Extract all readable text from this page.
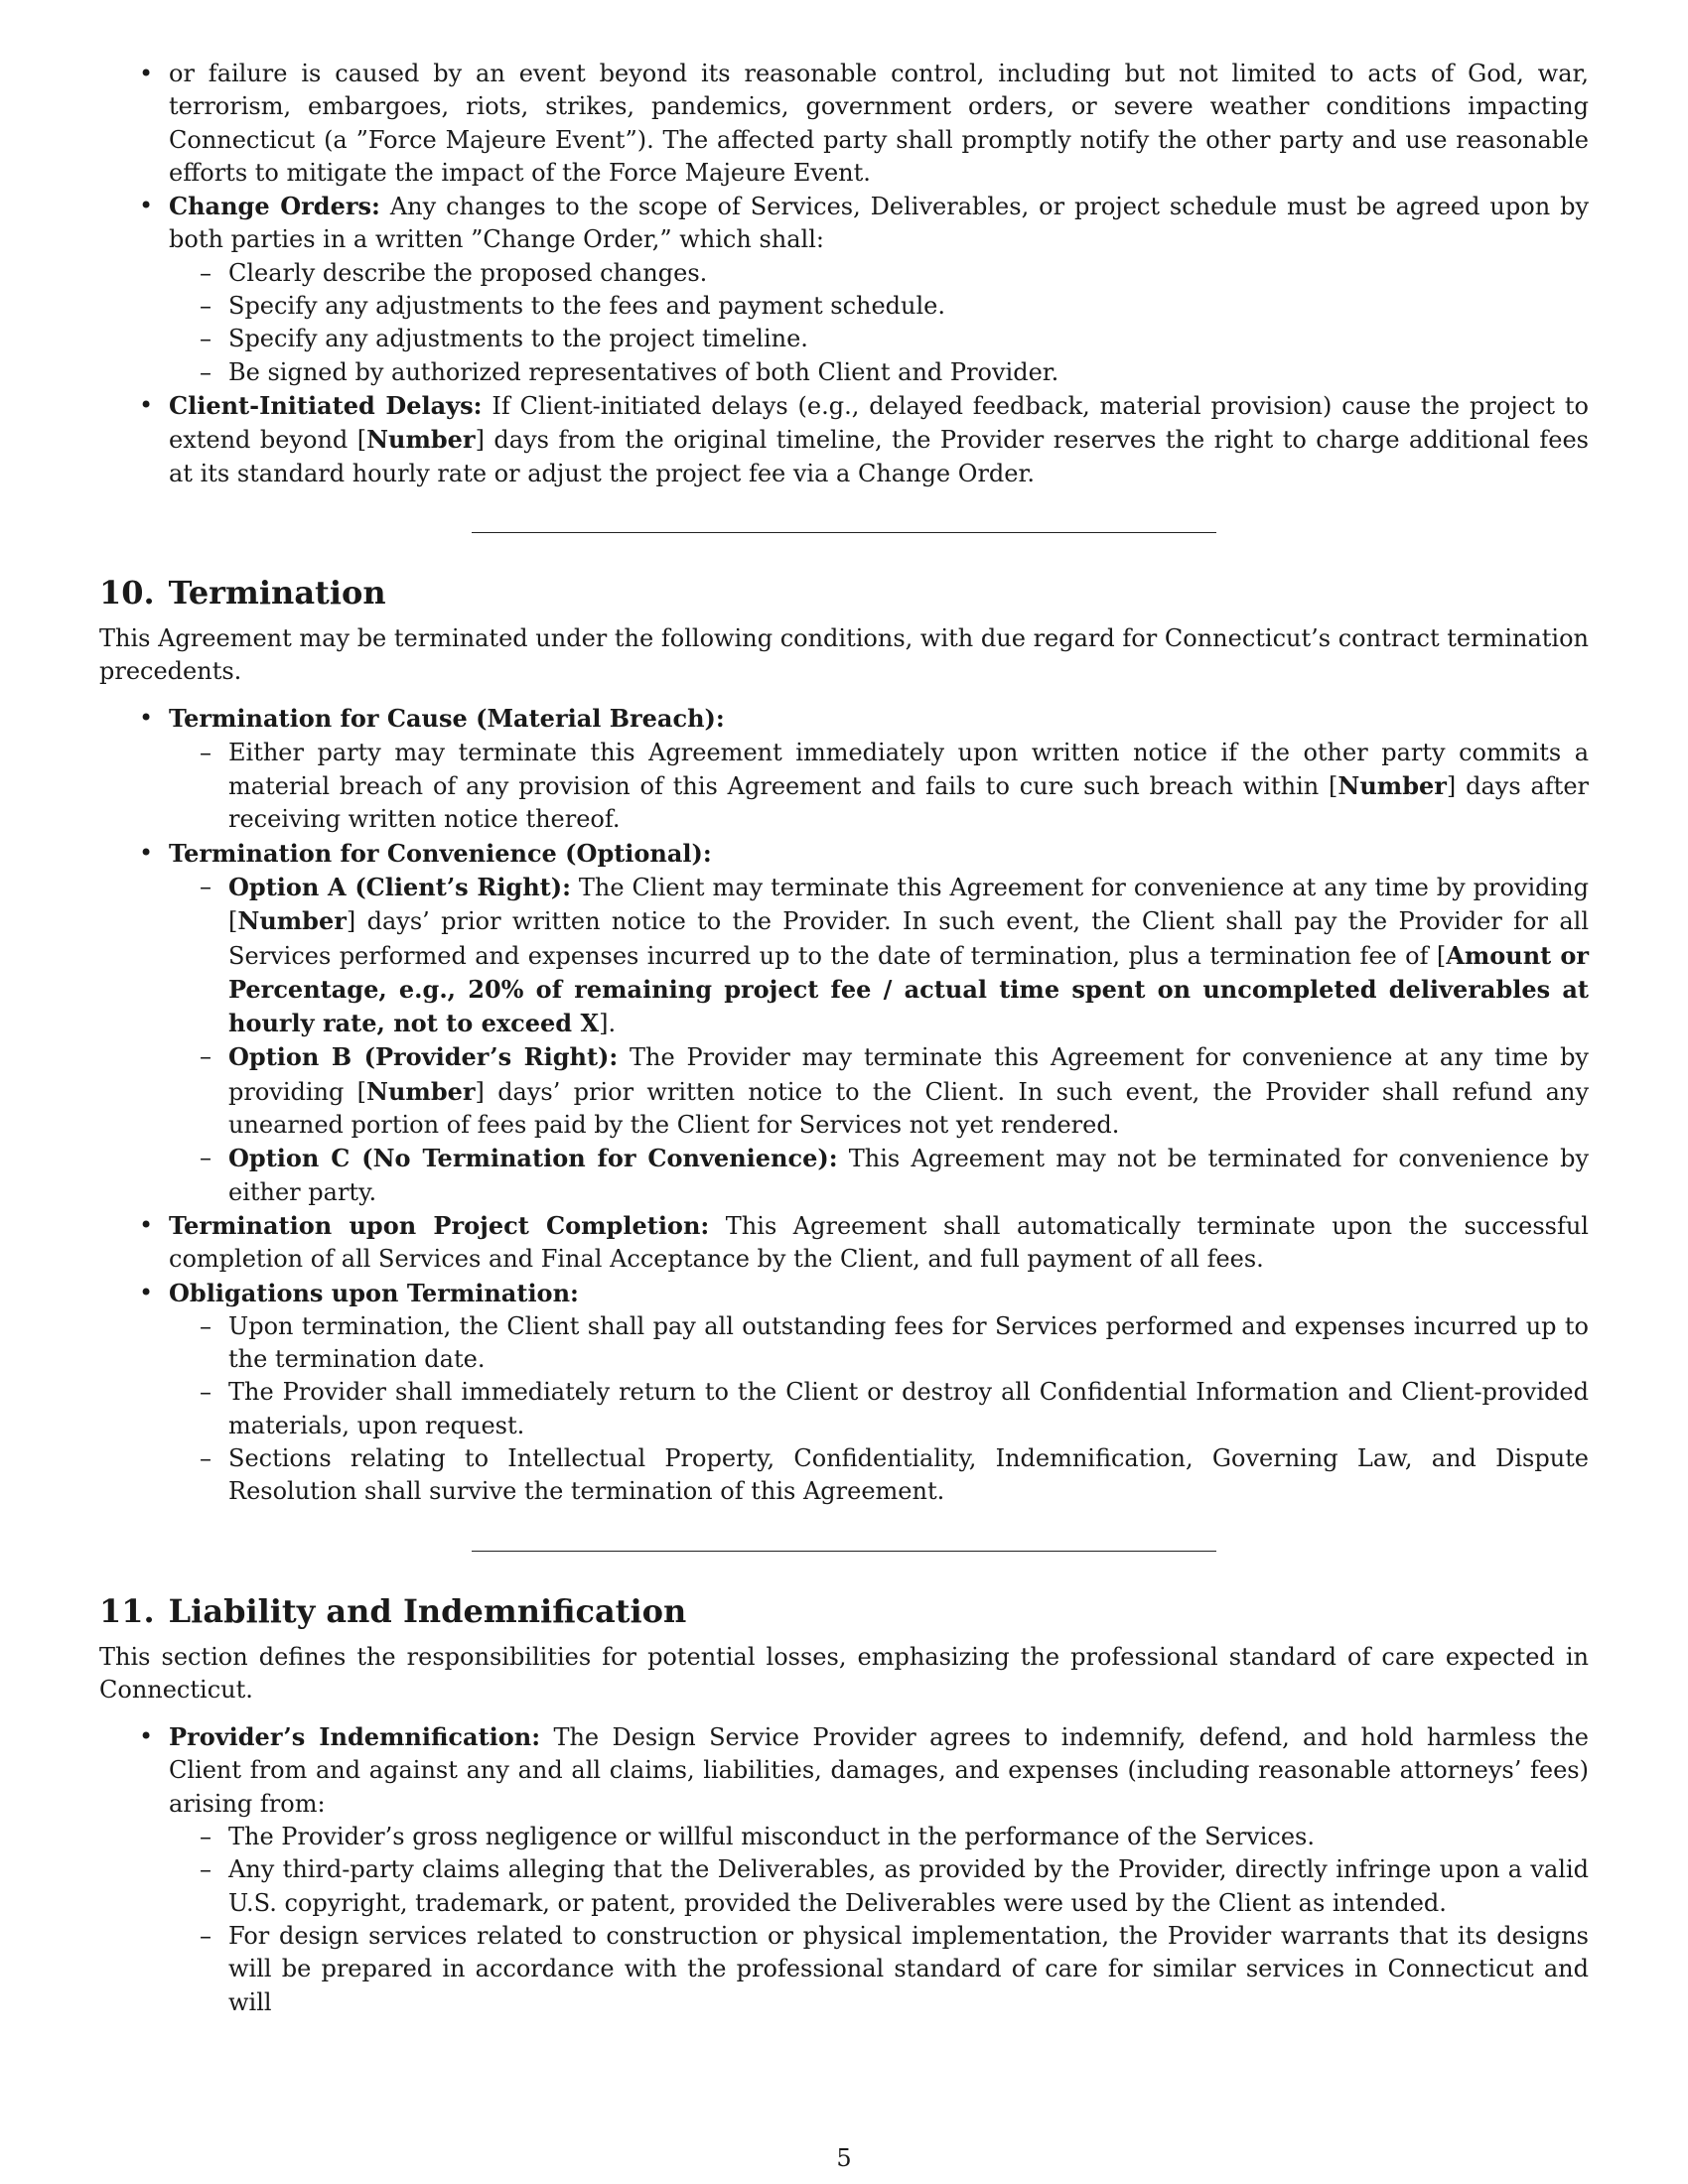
• or failure is caused by an event beyond its reasonable control, including but not limited to acts of God, war, terrorism, embargoes, riots, strikes, pandemics, government orders, or severe weather conditions impacting Connecticut (a ”Force Majeure Event”). The affected party shall promptly notify the other party and use reasonable efforts to mitigate the impact of the Force Majeure Event.
• Change Orders: Any changes to the scope of Services, Deliverables, or project schedule must be agreed upon by both parties in a written ”Change Order,” which shall:
– Clearly describe the proposed changes.
– Specify any adjustments to the fees and payment schedule.
– Specify any adjustments to the project timeline.
– Be signed by authorized representatives of both Client and Provider.
• Client-Initiated Delays: If Client-initiated delays (e.g., delayed feedback, material provision) cause the project to extend beyond [Number] days from the original timeline, the Provider reserves the right to charge additional fees at its standard hourly rate or adjust the project fee via a Change Order.
10. Termination

This Agreement may be terminated under the following conditions, with due regard for Connecticut’s contract termination precedents.

• Termination for Cause (Material Breach):
– Either party may terminate this Agreement immediately upon written notice if the other party commits a material breach of any provision of this Agreement and fails to cure such breach within [Number] days after receiving written notice thereof.
• Termination for Convenience (Optional):
– Option A (Client’s Right): The Client may terminate this Agreement for convenience at any time by providing [Number] days’ prior written notice to the Provider. In such event, the Client shall pay the Provider for all Services performed and expenses incurred up to the date of termination, plus a termination fee of [Amount or Percentage, e.g., 20% of remaining project fee / actual time spent on uncompleted deliverables at hourly rate, not to exceed X].
– Option B (Provider’s Right): The Provider may terminate this Agreement for convenience at any time by providing [Number] days’ prior written notice to the Client. In such event, the Provider shall refund any unearned portion of fees paid by the Client for Services not yet rendered.
– Option C (No Termination for Convenience): This Agreement may not be terminated for convenience by either party.
• Termination upon Project Completion: This Agreement shall automatically terminate upon the successful completion of all Services and Final Acceptance by the Client, and full payment of all fees.
• Obligations upon Termination:
– Upon termination, the Client shall pay all outstanding fees for Services performed and expenses incurred up to the termination date.
– The Provider shall immediately return to the Client or destroy all Confidential Information and Client-provided materials, upon request.
– Sections relating to Intellectual Property, Confidentiality, Indemnification, Governing Law, and Dispute Resolution shall survive the termination of this Agreement.
11. Liability and Indemnification

This section defines the responsibilities for potential losses, emphasizing the professional standard of care expected in Connecticut.

• Provider’s Indemnification: The Design Service Provider agrees to indemnify, defend, and hold harmless the Client from and against any and all claims, liabilities, damages, and expenses (including reasonable attorneys’ fees) arising from:
– The Provider’s gross negligence or willful misconduct in the performance of the Services.
– Any third-party claims alleging that the Deliverables, as provided by the Provider, directly infringe upon a valid U.S. copyright, trademark, or patent, provided the Deliverables were used by the Client as intended.
– For design services related to construction or physical implementation, the Provider warrants that its designs will be prepared in accordance with the professional standard of care for similar services in Connecticut and will
5
